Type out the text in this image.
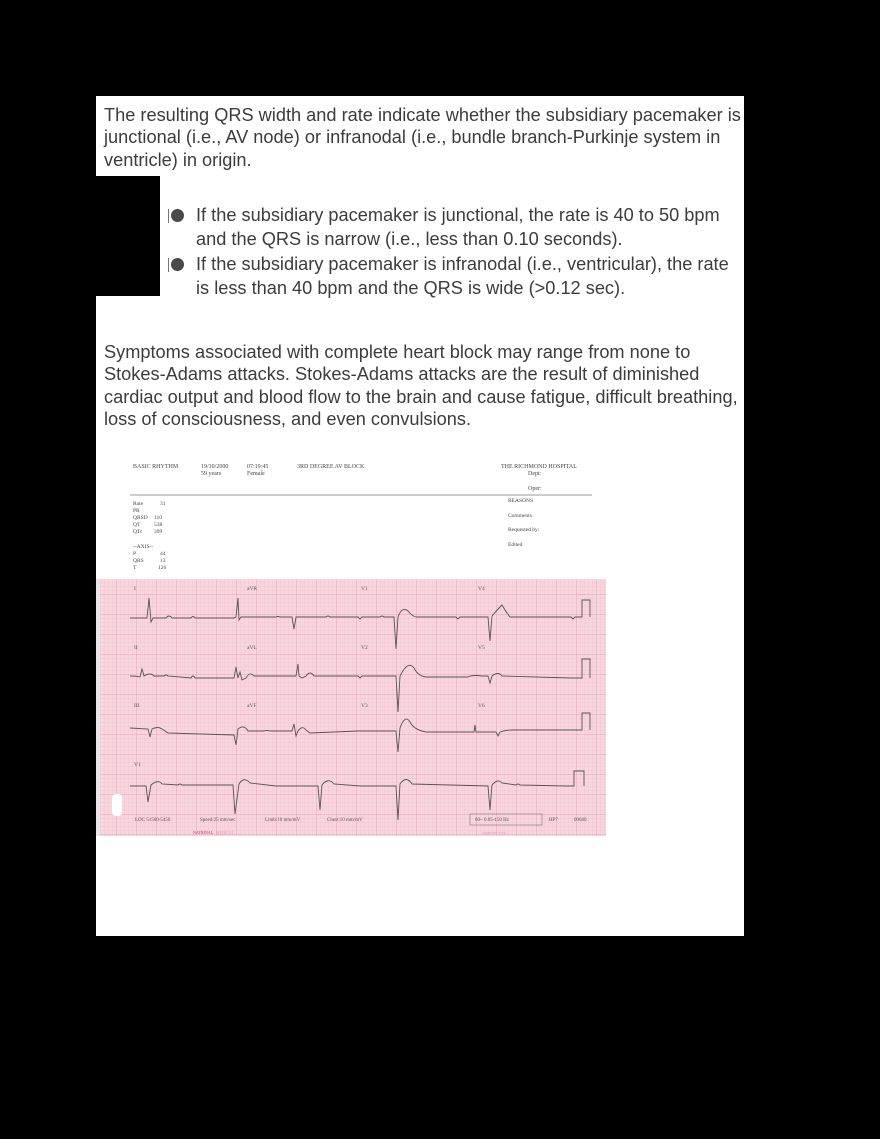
The resulting QRS width and rate indicate whether the subsidiary pacemaker is junctional (i.e., AV node) or infranodal (i.e., bundle branch-Purkinje system in ventricle) in origin.

If the subsidiary pacemaker is junctional, the rate is 40 to 50 bpm and the QRS is narrow (i.e., less than 0.10 seconds).
If the subsidiary pacemaker is infranodal (i.e., ventricular), the rate is less than 40 bpm and the QRS is wide (>0.12 sec).

Symptoms associated with complete heart block may range from none to Stokes-Adams attacks. Stokes-Adams attacks are the result of diminished cardiac output and blood flow to the brain and cause fatigue, difficult breathing, loss of consciousness, and even convulsions.

BASIC RHYTHM	19/10/2000	07:19:45	3RD DEGREE AV BLOCK
59 years	Female
THE RICHMOND HOSPITAL
Dept:
Oper:
Rate	31
PR
QRSD 110
QT 538
QTc 399
--AXIS--
P	44
QRS	13
T	126
REASONS
Comments
Requested by:
Edited
I	aVR	V1	V4
II	aVL	V2	V5
III	aVF	V3	V6
V1
LOC 51560-5456	Speed:25 mm/sec	Limb:10 mm/mV	Chest:10 mm/mV	60~ 0.05-150 Hz	HP7	00680
NATIONAL MEDICAL	CHART NO. 97720
